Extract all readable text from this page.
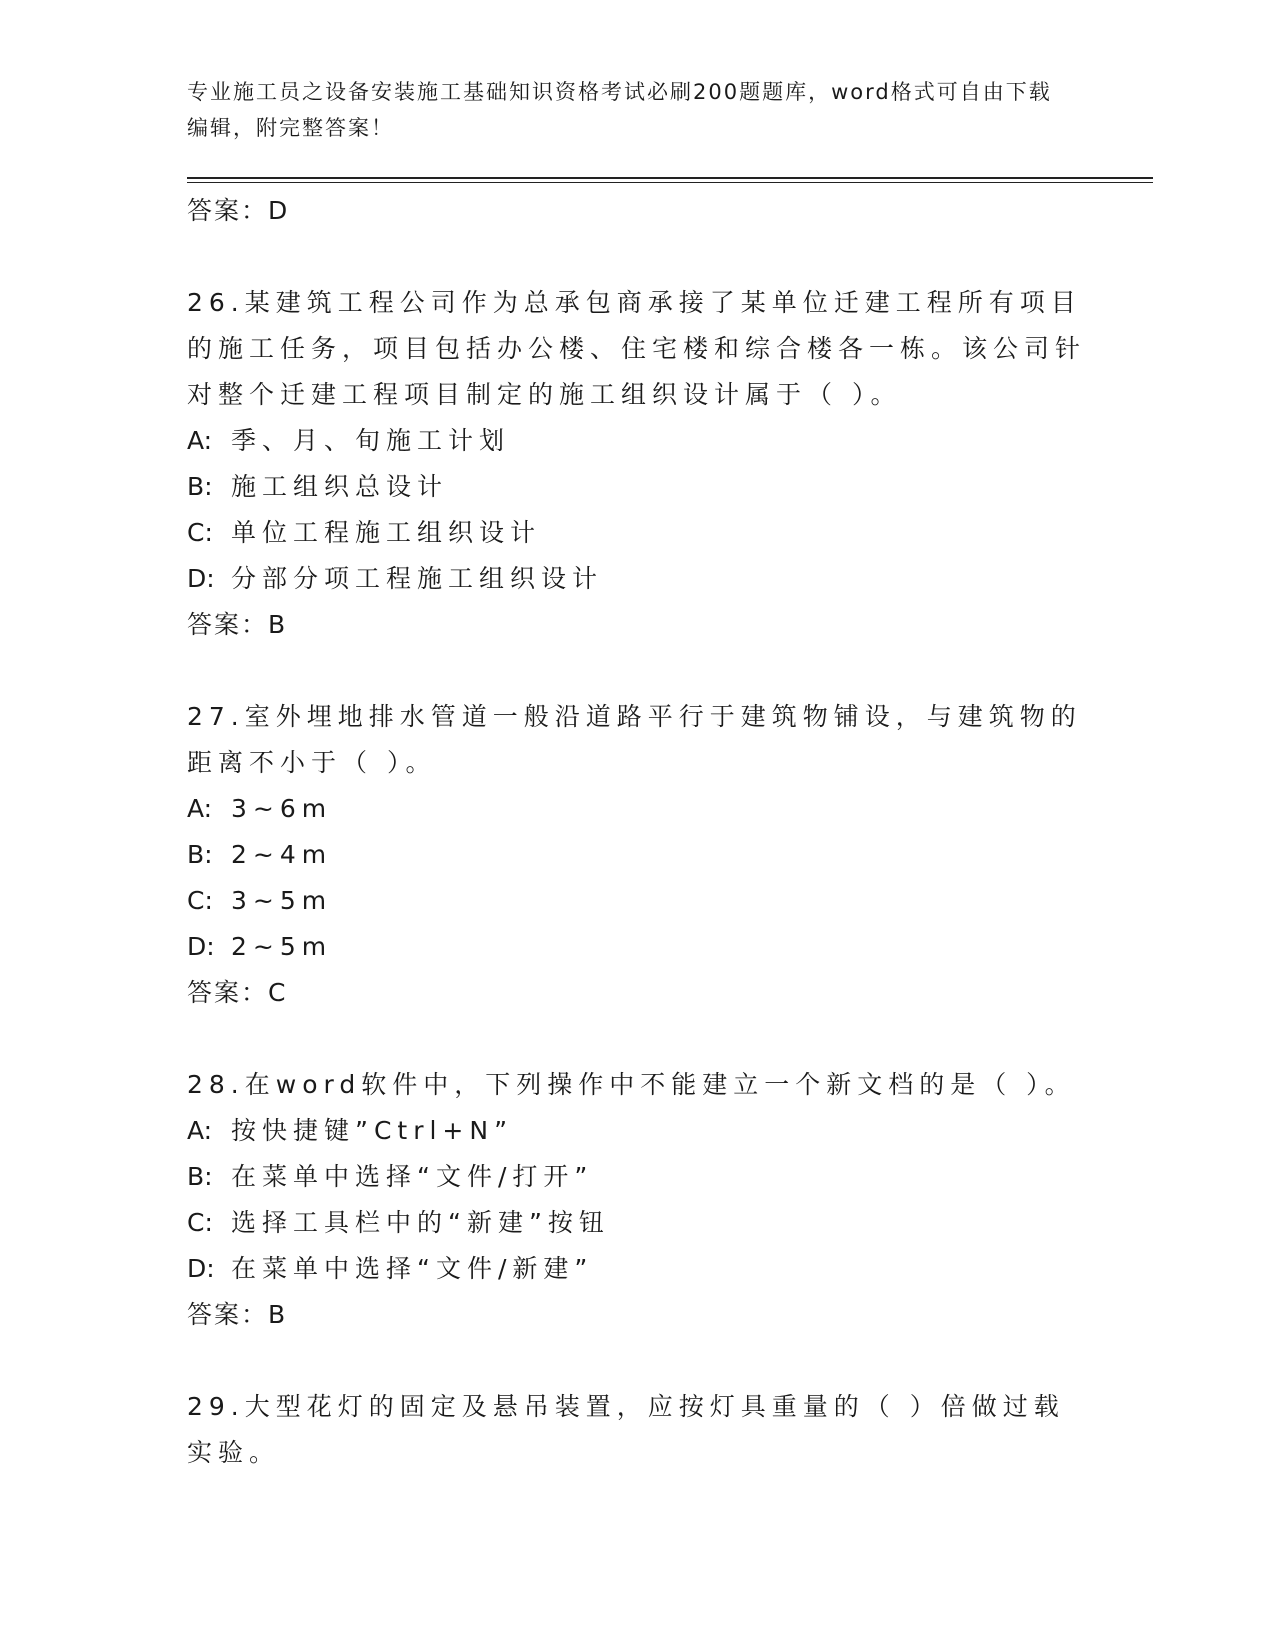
专业施工员之设备安装施工基础知识资格考试必刷200题题库，word格式可自由下载编辑，附完整答案！
答案：D
26.某建筑工程公司作为总承包商承接了某单位迁建工程所有项目的施工任务，项目包括办公楼、住宅楼和综合楼各一栋。该公司针对整个迁建工程项目制定的施工组织设计属于（ ）。
A: 季、月、旬施工计划
B: 施工组织总设计
C: 单位工程施工组织设计
D: 分部分项工程施工组织设计
答案：B
27.室外埋地排水管道一般沿道路平行于建筑物铺设，与建筑物的距离不小于（ ）。
A: 3~6m
B: 2~4m
C: 3~5m
D: 2~5m
答案：C
28.在word软件中，下列操作中不能建立一个新文档的是（ ）。
A: 按快捷键”Ctrl+N”
B: 在菜单中选择“文件/打开”
C: 选择工具栏中的“新建”按钮
D: 在菜单中选择“文件/新建”
答案：B
29.大型花灯的固定及悬吊装置，应按灯具重量的（ ）倍做过载实验。
